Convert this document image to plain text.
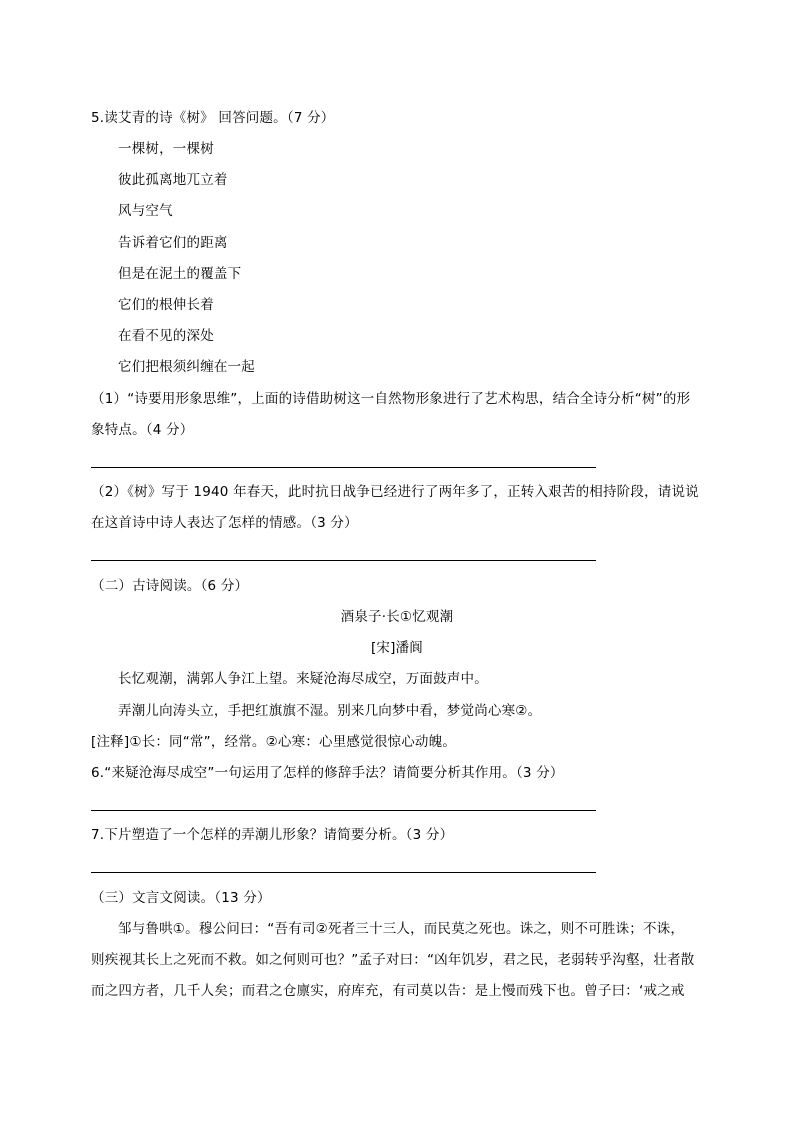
5.读艾青的诗《树》 回答问题。（7 分）
一棵树，一棵树
彼此孤离地兀立着
风与空气
告诉着它们的距离
但是在泥土的覆盖下
它们的根伸长着
在看不见的深处
它们把根须纠缠在一起
（1）“诗要用形象思维”，上面的诗借助树这一自然物形象进行了艺术构思，结合全诗分析“树”的形
象特点。（4 分）
（2）《树》写于 1940 年春天，此时抗日战争已经进行了两年多了，正转入艰苦的相持阶段，请说说
在这首诗中诗人表达了怎样的情感。（3 分）
（二）古诗阅读。（6 分）
酒泉子·长①忆观潮
[宋]潘阆
长忆观潮，满郭人争江上望。来疑沧海尽成空，万面鼓声中。
弄潮儿向涛头立，手把红旗旗不湿。别来几向梦中看，梦觉尚心寒②。
[注释]①长：同“常”，经常。②心寒：心里感觉很惊心动魄。
6.“来疑沧海尽成空”一句运用了怎样的修辞手法？请简要分析其作用。（3 分）
7.下片塑造了一个怎样的弄潮儿形象？请简要分析。（3 分）
（三）文言文阅读。（13 分）
邹与鲁哄①。穆公问曰：“吾有司②死者三十三人，而民莫之死也。诛之，则不可胜诛；不诛，
则疾视其长上之死而不救。如之何则可也？”孟子对曰：“凶年饥岁，君之民，老弱转乎沟壑，壮者散
而之四方者，几千人矣；而君之仓廪实，府库充，有司莫以告：是上慢而残下也。曾子曰：‘戒之戒
